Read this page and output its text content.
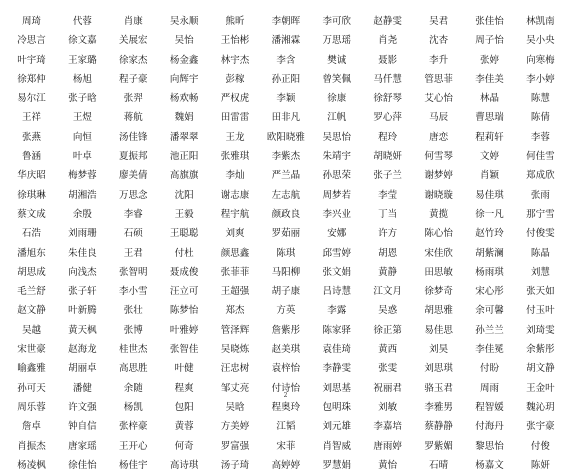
周琦	代蓉	肖康	吴永顺	熊昕	李朝晖	李可欣	赵静雯	吴君	张佳怡	林凯南
冷思言	徐文嘉	关展宏	吴怡	王怡彬	潘湘霖	万思瑶	肖尧	沈杏	周子怡	吴小央
叶宇琦	王家璐	徐家杰	杨金鑫	林宇杰	李含	樊诚	聂影	李升	张婷	向寒梅
徐郑仲	杨旭	程子豪	向辉宇	彭稼	孙正阳	曾笑佩	马仟慧	管思菲	李佳美	李小婷
易尔江	张子晗	张羿	杨欢畅	严权虎	李颖	徐康	徐舒琴	艾心怡	林晶	陈慧
王祥	王煜	蒋航	魏娟	田雷雷	田非凡	江帆	罗心萍	马辰	曹思瑞	陈倩
张燕	向恒	汤佳锋	潘翠翠	王龙	欧阳晓雅	吴思怡	程玲	唐恋	程莉轩	李蓉
鲁涵	叶卓	夏振邦	池正阳	张雅琪	李紫杰	朱靖宇	胡晓妍	何雪琴	文婷	何佳雪
华庆昭	梅梦蓉	廖美倩	高旗旗	李灿	严兰晶	孙思荣	张子兰	谢梦婷	肖颖	郑成欣
徐琪琳	胡湘浩	万思念	沈阳	谢志康	左志航	周梦若	李莹	谢晓璇	易佳琪	张雨
蔡文成	余殷	李睿	王毅	程宇航	颜政良	李兴业	丁当	黄揽	徐一凡	那宁雪
石浩	刘雨珊	石硕	王聪聪	刘爽	罗茹丽	安娜	许方	陈心怡	赵竹玲	付俊雯
潘旭东	朱佳良	王君	付杜	颜思鑫	陈琪	邱雪婷	胡恩	宋佳欣	胡紫澜	陈晶
胡思成	向浅杰	张智明	聂成俊	张菲菲	马阳柳	张文娟	黄静	田思敏	杨雨琪	刘慧
毛兰舒	张子轩	李小雪	汪立可	王超强	胡子康	吕诗慧	江文月	徐梦奇	宋心彤	张天如
赵文静	叶新腾	张壮	陈梦怡	郑杰	方英	李露	吴惑	胡思雅	余可馨	付玉叶
吴越	黄天枫	张博	叶雅婷	管泽辉	詹紫彤	陈家驿	徐正第	易佳思	孙兰兰	刘琦雯
宋世豪	赵海龙	桂世杰	张智佳	吴晓炼	赵美琪	袁佳琦	黄西	刘昊	李佳冕	余紫彤
喻鑫雅	胡丽卓	高思胜	叶健	汪忠树	袁梓怡	李静雯	张雯	刘思琪	付盼	胡文静
孙可天	潘健	余随	程爽	邹丈亮	付诗怡	刘思基	祝丽君	骆玉君	周雨	王金叶
周乐蓉	许文强	杨凯	包阳	吴晗	程奥玲	包明珠	刘敏	李雅男	程智媛	魏沁玥
詹卓	钟自信	张梓豪	黄蓉	方美婷	江韬	刘元雄	李嘉培	蔡静静	付海丹	张宇豪
肖振杰	唐家瑶	王开心	何奇	罗富强	宋菲	肖智威	唐雨婷	罗紫媚	黎思怡	付俊
杨凌枫	徐佳怡	杨佳宇	高诗琪	汤子琦	高婷婷	罗慧娟	黄怡	石晴	杨嘉文	陈妍
2
